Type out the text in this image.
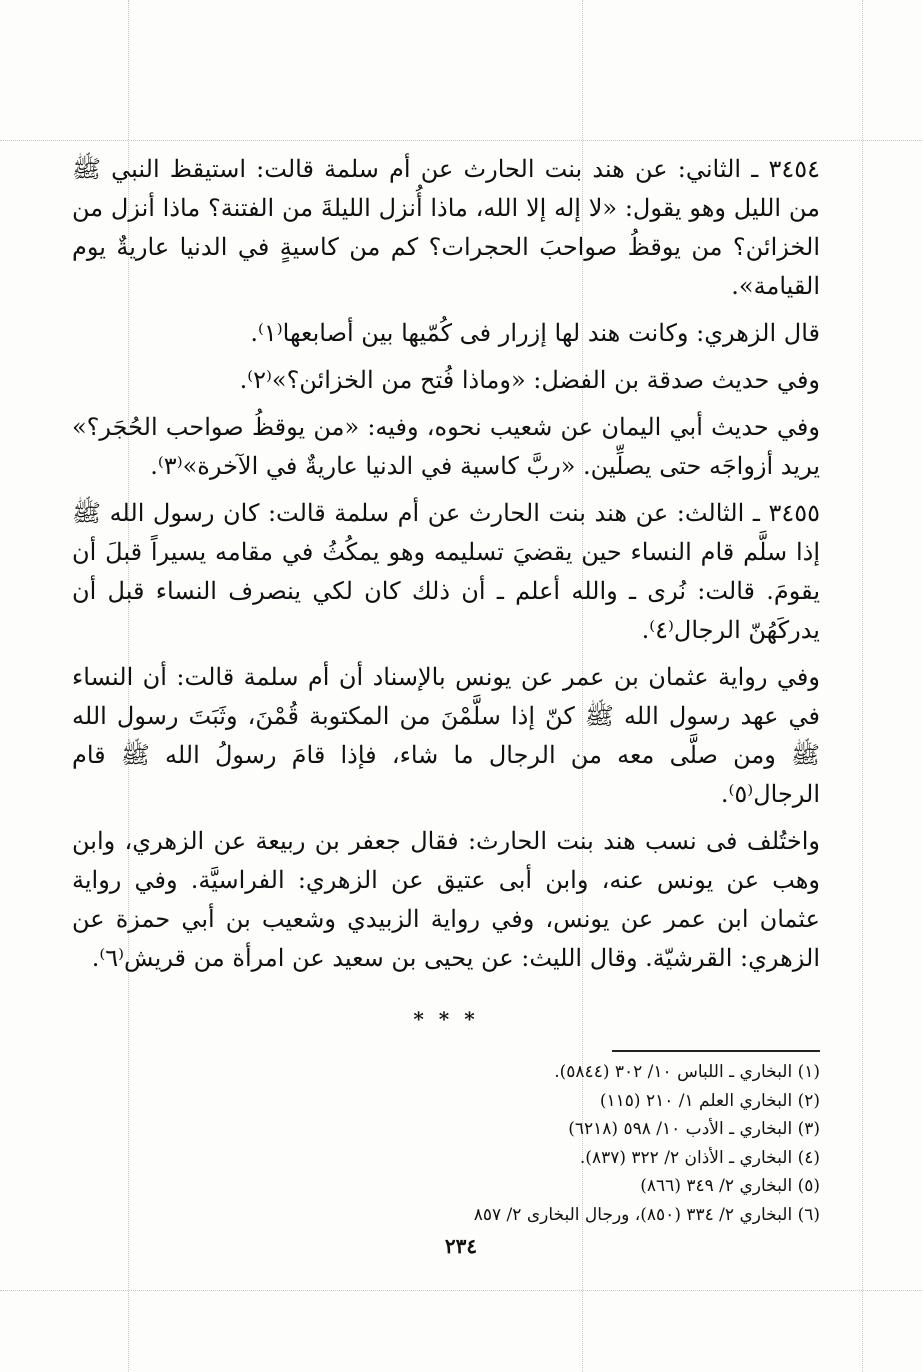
٣٤٥٤ ـ الثاني: عن هند بنت الحارث عن أم سلمة قالت: استيقظ النبي ﷺ من الليل وهو يقول: «لا إله إلا الله، ماذا أُنزل الليلةَ من الفتنة؟ ماذا أنزل من الخزائن؟ من يوقظُ صواحبَ الحجرات؟ كم من كاسيةٍ في الدنيا عاريةٌ يوم القيامة».

قال الزهري: وكانت هند لها إزرار فى كُمّيها بين أصابعها⁽١⁾.

وفي حديث صدقة بن الفضل: «وماذا فُتح من الخزائن؟»⁽٢⁾.

وفي حديث أبي اليمان عن شعيب نحوه، وفيه: «من يوقظُ صواحب الحُجَر؟» يريد أزواجَه حتى يصلِّين. «ربَّ كاسية في الدنيا عاريةٌ في الآخرة»⁽٣⁾.

٣٤٥٥ ـ الثالث: عن هند بنت الحارث عن أم سلمة قالت: كان رسول الله ﷺ إذا سلَّم قام النساء حين يقضيَ تسليمه وهو يمكُثُ في مقامه يسيراً قبلَ أن يقومَ. قالت: نُرى ـ والله أعلم ـ أن ذلك كان لكي ينصرف النساء قبل أن يدركَهُنّ الرجال⁽٤⁾.

وفي رواية عثمان بن عمر عن يونس بالإسناد أن أم سلمة قالت: أن النساء في عهد رسول الله ﷺ كنّ إذا سلَّمْنَ من المكتوبة قُمْنَ، وثَبَتَ رسول الله ﷺ ومن صلَّى معه من الرجال ما شاء، فإذا قامَ رسولُ الله ﷺ قام الرجال⁽٥⁾.

واختُلف فى نسب هند بنت الحارث: فقال جعفر بن ربيعة عن الزهري، وابن وهب عن يونس عنه، وابن أبى عتيق عن الزهري: الفراسيَّة. وفي رواية عثمان ابن عمر عن يونس، وفي رواية الزبيدي وشعيب بن أبي حمزة عن الزهري: القرشيّة. وقال الليث: عن يحيى بن سعيد عن امرأة من قريش⁽٦⁾.

* * *
(١) البخاري ـ اللباس ١٠/ ٣٠٢ (٥٨٤٤).
(٢) البخاري العلم ١/ ٢١٠ (١١٥)
(٣) البخاري ـ الأدب ١٠/ ٥٩٨ (٦٢١٨)
(٤) البخاري ـ الأذان ٢/ ٣٢٢ (٨٣٧).
(٥) البخاري ٢/ ٣٤٩ (٨٦٦)
(٦) البخاري ٢/ ٣٣٤ (٨٥٠)، ورجال البخارى ٢/ ٨٥٧
٢٣٤
